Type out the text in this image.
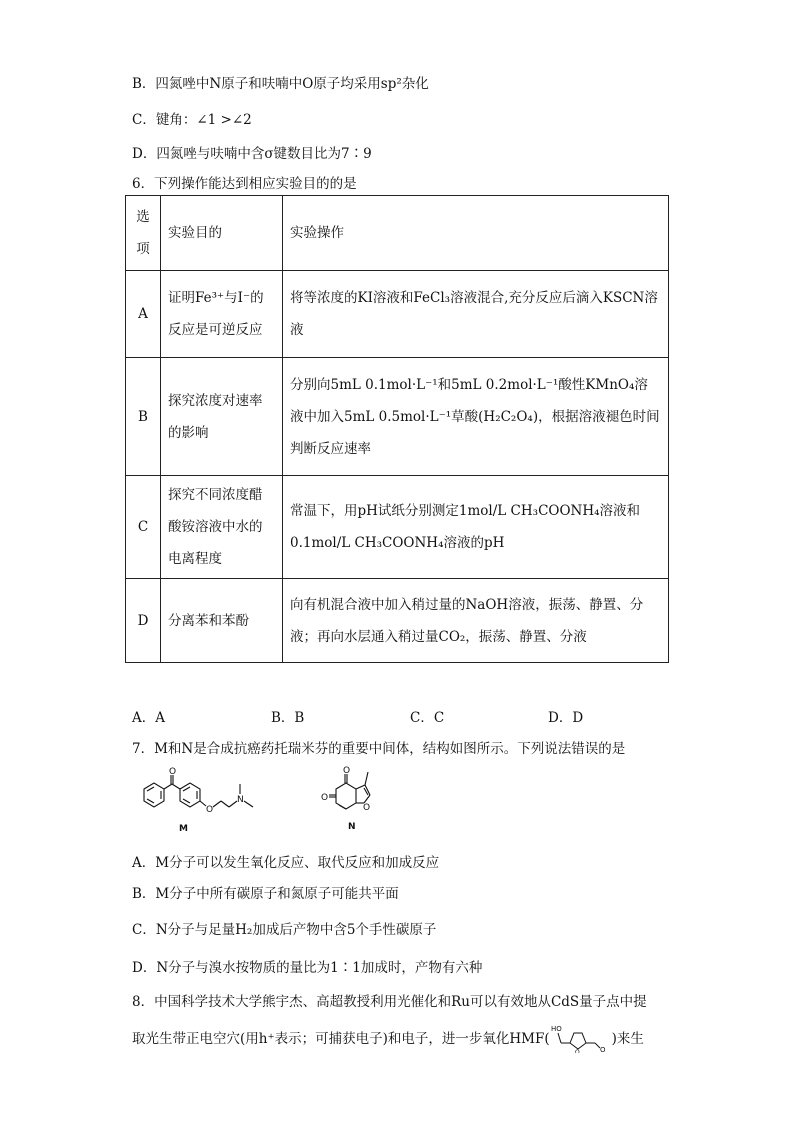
B．四氮唑中N原子和呋喃中O原子均采用sp²杂化
C．键角：∠1 >∠2
D．四氮唑与呋喃中含σ键数目比为7∶9
6．下列操作能达到相应实验目的的是
选项	实验目的	实验操作
A	证明Fe³⁺与I⁻的反应是可逆反应	将等浓度的KI溶液和FeCl₃溶液混合,充分反应后滴入KSCN溶液
B	探究浓度对速率的影响	分别向5mL 0.1mol·L⁻¹和5mL 0.2mol·L⁻¹酸性KMnO₄溶液中加入5mL 0.5mol·L⁻¹草酸(H₂C₂O₄)，根据溶液褪色时间判断反应速率
C	探究不同浓度醋酸铵溶液中水的电离程度	常温下，用pH试纸分别测定1mol/L CH₃COONH₄溶液和0.1mol/L CH₃COONH₄溶液的pH
D	分离苯和苯酚	向有机混合液中加入稍过量的NaOH溶液，振荡、静置、分液；再向水层通入稍过量CO₂，振荡、静置、分液
A．A	B．B	C．C	D．D
7．M和N是合成抗癌药托瑞米芬的重要中间体，结构如图所示。下列说法错误的是
O
O
N
M
O
O
O
N
A．M分子可以发生氧化反应、取代反应和加成反应
B．M分子中所有碳原子和氮原子可能共平面
C．N分子与足量H₂加成后产物中含5个手性碳原子
D．N分子与溴水按物质的量比为1∶1加成时，产物有六种
8．中国科学技术大学熊宇杰、高超教授利用光催化和Ru可以有效地从CdS量子点中提
取光生带正电空穴(用h⁺表示；可捕获电子)和电子，进一步氧化HMF(
HO
O	O
)来生
